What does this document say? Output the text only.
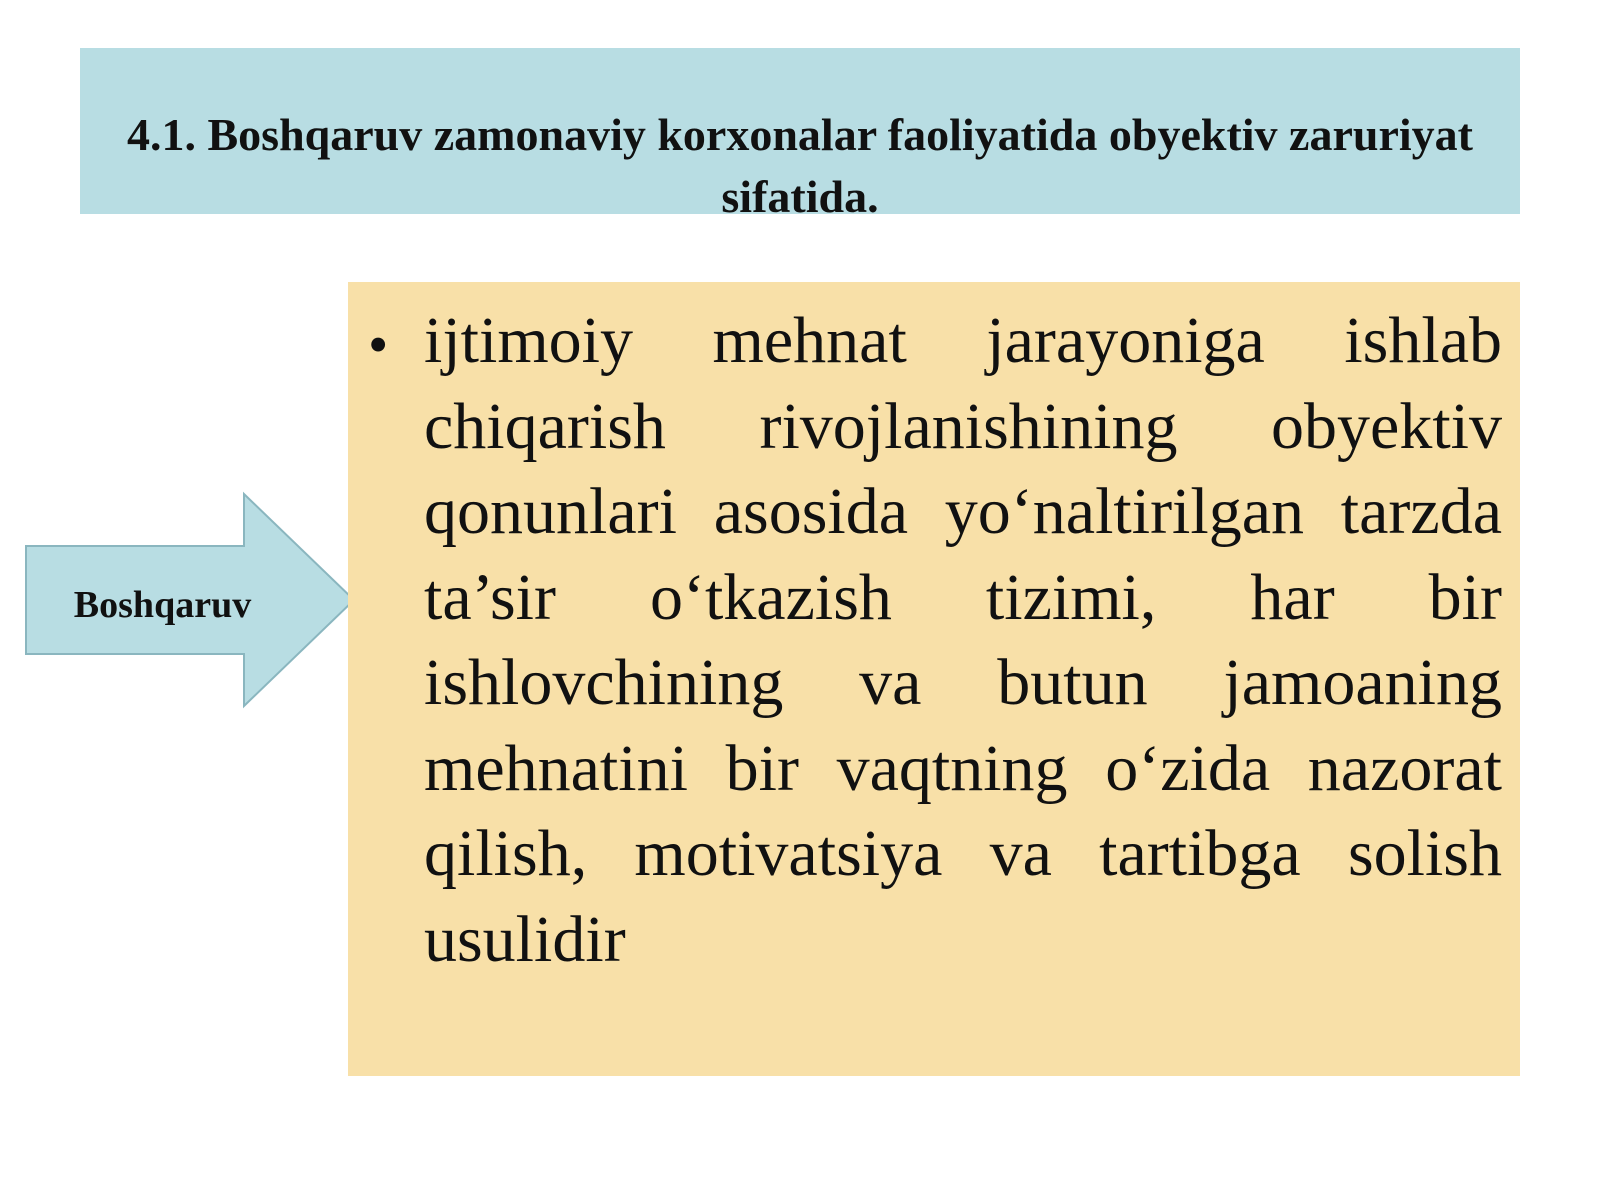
4.1. Boshqaruv zamonaviy korxonalar faoliyatida obyektiv zaruriyat sifatida.
Boshqaruv
• ijtimoiy mehnat jarayoniga ishlab chiqarish rivojlanishining obyektiv qonunlari asosida yo‘naltirilgan tarzda ta’sir o‘tkazish tizimi, har bir ishlovchining va butun jamoaning mehnatini bir vaqtning o‘zida nazorat qilish, motivatsiya va tartibga solish usulidir
